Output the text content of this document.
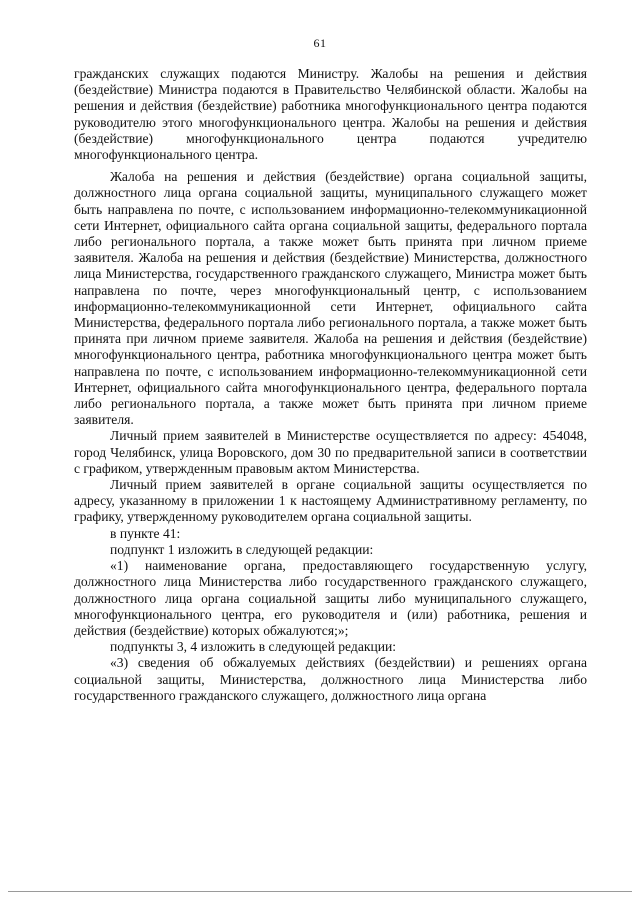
61

гражданских служащих подаются Министру. Жалобы на решения и действия (бездействие) Министра подаются в Правительство Челябинской области. Жалобы на решения и действия (бездействие) работника многофункционального центра подаются руководителю этого многофункционального центра. Жалобы на решения и действия (бездействие) многофункционального центра подаются учредителю многофункционального центра.

Жалоба на решения и действия (бездействие) органа социальной защиты, должностного лица органа социальной защиты, муниципального служащего может быть направлена по почте, с использованием информационно-телекоммуникационной сети Интернет, официального сайта органа социальной защиты, федерального портала либо регионального портала, а также может быть принята при личном приеме заявителя. Жалоба на решения и действия (бездействие) Министерства, должностного лица Министерства, государственного гражданского служащего, Министра может быть направлена по почте, через многофункциональный центр, с использованием информационно-телекоммуникационной сети Интернет, официального сайта Министерства, федерального портала либо регионального портала, а также может быть принята при личном приеме заявителя. Жалоба на решения и действия (бездействие) многофункционального центра, работника многофункционального центра может быть направлена по почте, с использованием информационно-телекоммуникационной сети Интернет, официального сайта многофункционального центра, федерального портала либо регионального портала, а также может быть принята при личном приеме заявителя.

Личный прием заявителей в Министерстве осуществляется по адресу: 454048, город Челябинск, улица Воровского, дом 30 по предварительной записи в соответствии с графиком, утвержденным правовым актом Министерства.

Личный прием заявителей в органе социальной защиты осуществляется по адресу, указанному в приложении 1 к настоящему Административному регламенту, по графику, утвержденному руководителем органа социальной защиты.

в пункте 41:

подпункт 1 изложить в следующей редакции:

«1) наименование органа, предоставляющего государственную услугу, должностного лица Министерства либо государственного гражданского служащего, должностного лица органа социальной защиты либо муниципального служащего, многофункционального центра, его руководителя и (или) работника, решения и действия (бездействие) которых обжалуются;»;

подпункты 3, 4 изложить в следующей редакции:

«3) сведения об обжалуемых действиях (бездействии) и решениях органа социальной защиты, Министерства, должностного лица Министерства либо государственного гражданского служащего, должностного лица органа
